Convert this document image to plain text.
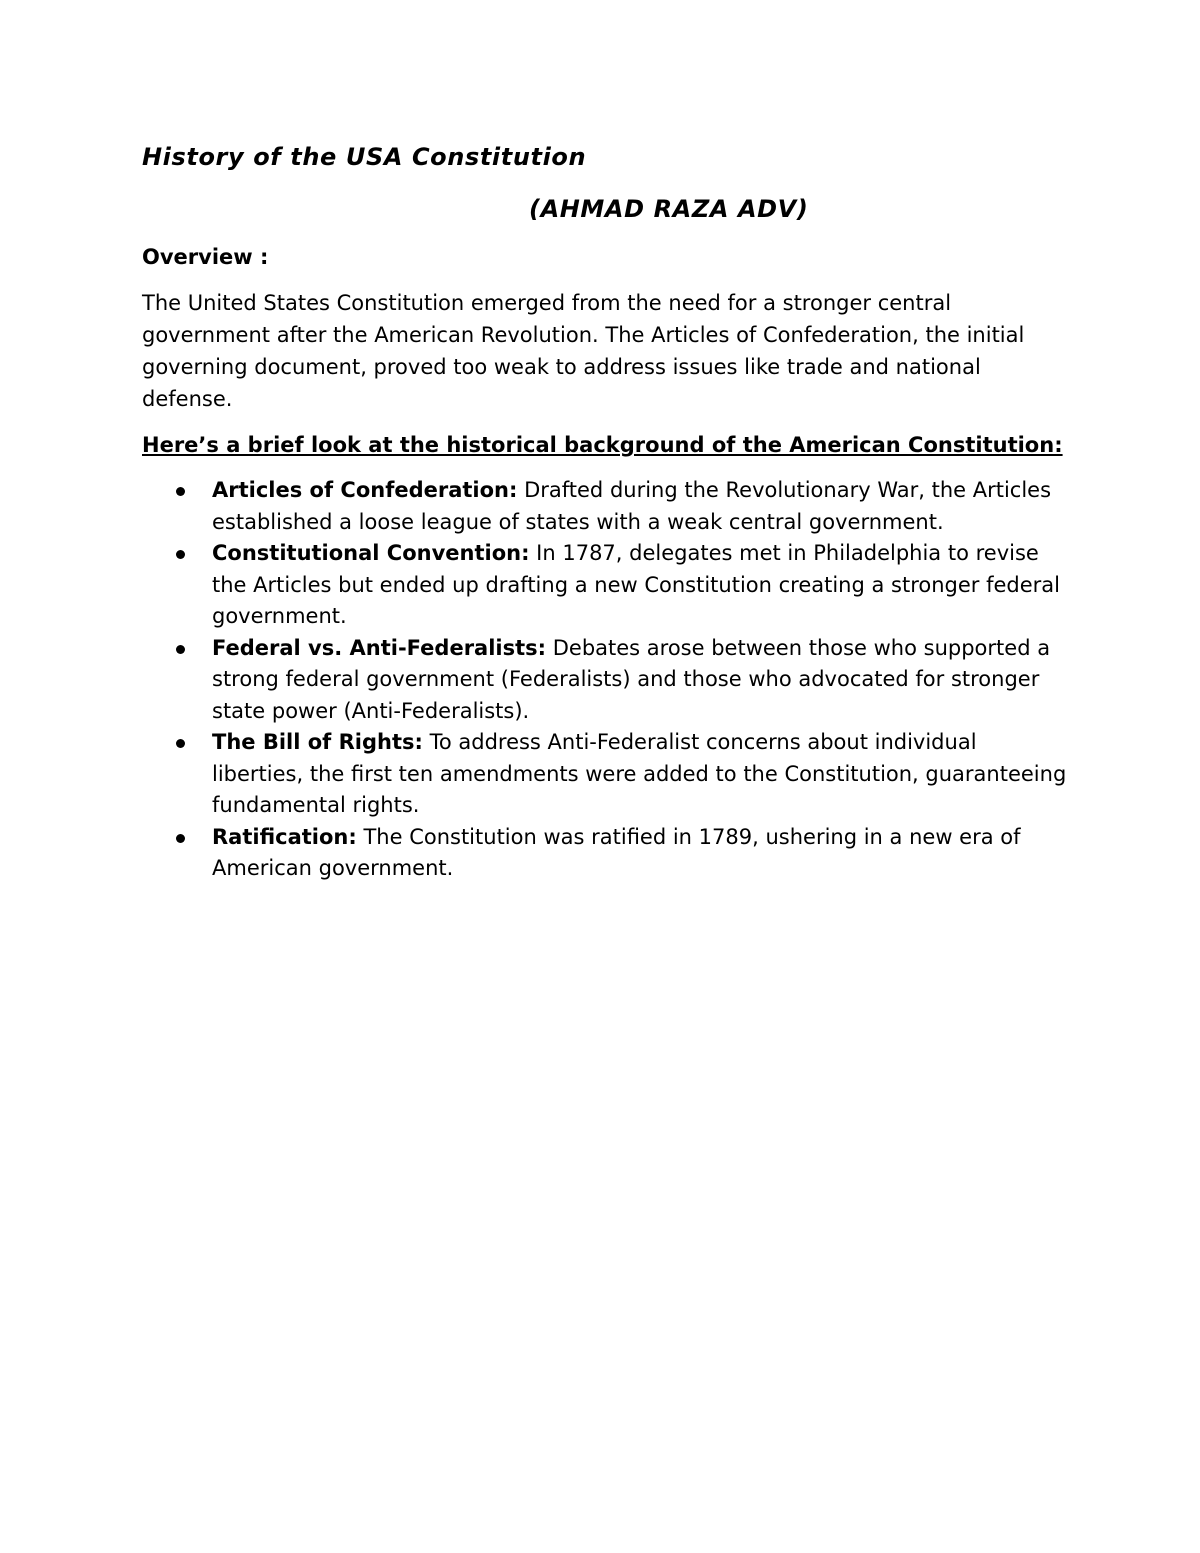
History of the USA Constitution
(AHMAD RAZA ADV)
Overview :

The United States Constitution emerged from the need for a stronger central government after the American Revolution. The Articles of Confederation, the initial governing document, proved too weak to address issues like trade and national defense.

Here’s a brief look at the historical background of the American Constitution:
Articles of Confederation: Drafted during the Revolutionary War, the Articles established a loose league of states with a weak central government.
Constitutional Convention: In 1787, delegates met in Philadelphia to revise the Articles but ended up drafting a new Constitution creating a stronger federal government.
Federal vs. Anti-Federalists: Debates arose between those who supported a strong federal government (Federalists) and those who advocated for stronger state power (Anti-Federalists).
The Bill of Rights: To address Anti-Federalist concerns about individual liberties, the first ten amendments were added to the Constitution, guaranteeing fundamental rights.
Ratification: The Constitution was ratified in 1789, ushering in a new era of American government.
